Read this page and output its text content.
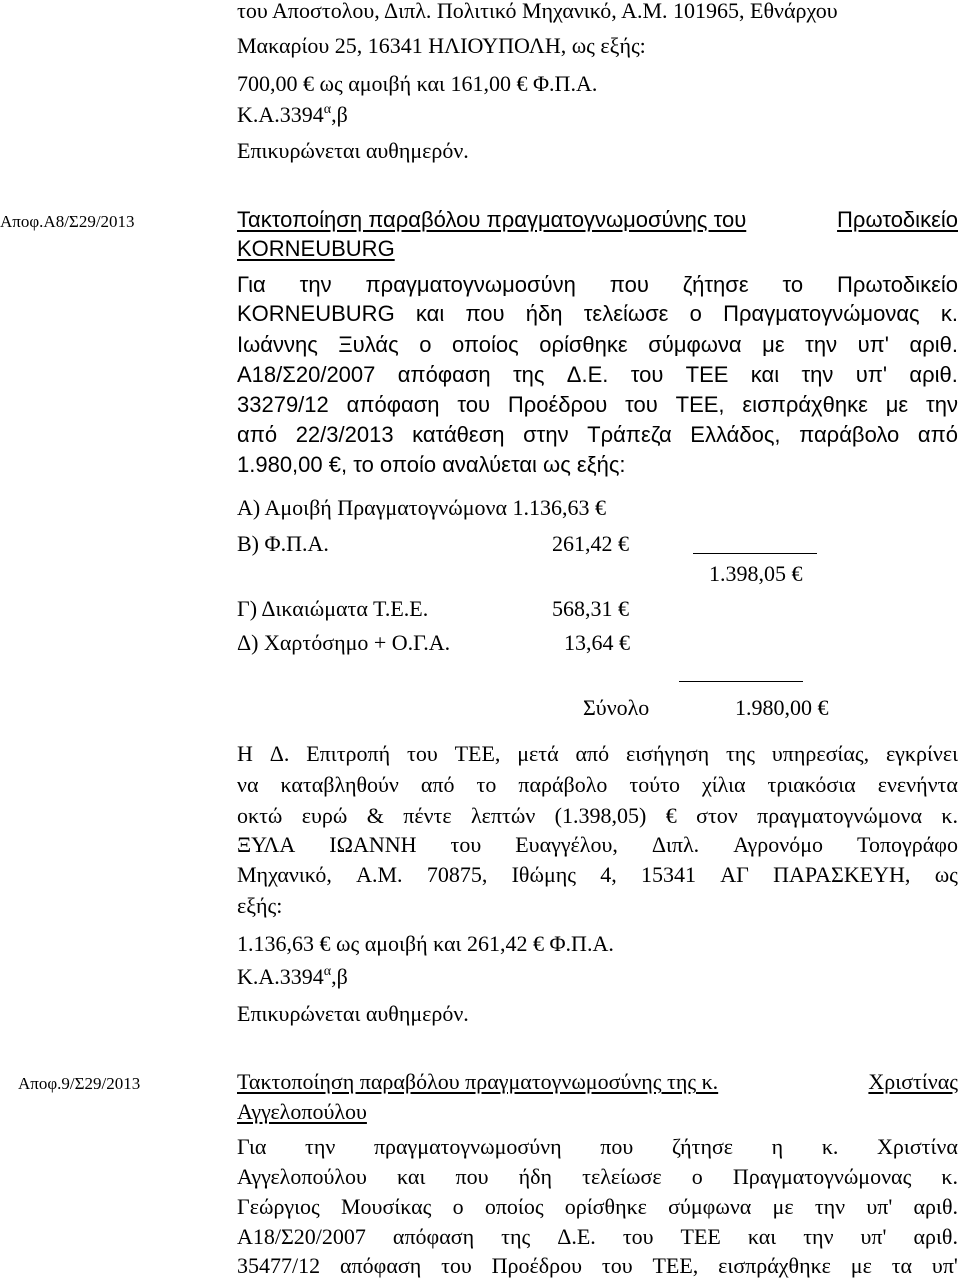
του Αποστολου, Διπλ. Πολιτικό Μηχανικό, Α.Μ. 101965, Εθνάρχου
Μακαρίου 25, 16341 ΗΛΙΟΥΠΟΛΗ, ως εξής:
700,00 € ως αμοιβή και 161,00 € Φ.Π.Α.
$K.A.3394^\alpha,\beta$
Επικυρώνεται αυθημερόν.
Αποφ.Α8/Σ29/2013	Τακτοποίηση παραβόλου πραγματογνωμοσύνης του	Πρωτοδικείο
KORNEUBURG
Για την πραγματογνωμοσύνη που ζήτησε το Πρωτοδικείο
KORNEUBURG και που ήδη τελείωσε ο Πραγματογνώμονας κ.
Ιωάννης Ξυλάς ο οποίος ορίσθηκε σύμφωνα με την υπ' αριθ.
Α18/Σ20/2007 απόφαση της Δ.Ε. του ΤΕΕ και την υπ' αριθ.
33279/12 απόφαση του Προέδρου του ΤΕΕ, εισπράχθηκε με την
από 22/3/2013 κατάθεση στην Τράπεζα Ελλάδος, παράβολο από
1.980,00 €, το οποίο αναλύεται ως εξής:
Α) Αμοιβή Πραγματογνώμονα 1.136,63 €
Β) Φ.Π.Α.	261,42 €
1.398,05 €
Γ) Δικαιώματα Τ.Ε.Ε.	568,31 €
Δ) Χαρτόσημο + Ο.Γ.Α.	13,64 €
Σύνολο	1.980,00 €
Η Δ. Επιτροπή του ΤΕΕ, μετά από εισήγηση της υπηρεσίας, εγκρίνει
να καταβληθούν από το παράβολο τούτο χίλια τριακόσια ενενήντα
οκτώ ευρώ & πέντε λεπτών (1.398,05) € στον πραγματογνώμονα κ.
ΞΥΛΑ ΙΩΑΝΝΗ του Ευαγγέλου, Διπλ. Αγρονόμο Τοπογράφο
Μηχανικό, Α.Μ. 70875, Ιθώμης 4, 15341 ΑΓ ΠΑΡΑΣΚΕΥΗ, ως
εξής:
1.136,63 € ως αμοιβή και 261,42 € Φ.Π.Α.
$K.A.3394^\alpha,\beta$
Επικυρώνεται αυθημερόν.
Αποφ.9/Σ29/2013	Τακτοποίηση παραβόλου πραγματογνωμοσύνης της κ.	Χριστίνας
Αγγελοπούλου
Για την πραγματογνωμοσύνη που ζήτησε η κ. Χριστίνα
Αγγελοπούλου και που ήδη τελείωσε ο Πραγματογνώμονας κ.
Γεώργιος Μουσίκας ο οποίος ορίσθηκε σύμφωνα με την υπ' αριθ.
Α18/Σ20/2007 απόφαση της Δ.Ε. του ΤΕΕ και την υπ' αριθ.
35477/12 απόφαση του Προέδρου του ΤΕΕ, εισπράχθηκε με τα υπ'
